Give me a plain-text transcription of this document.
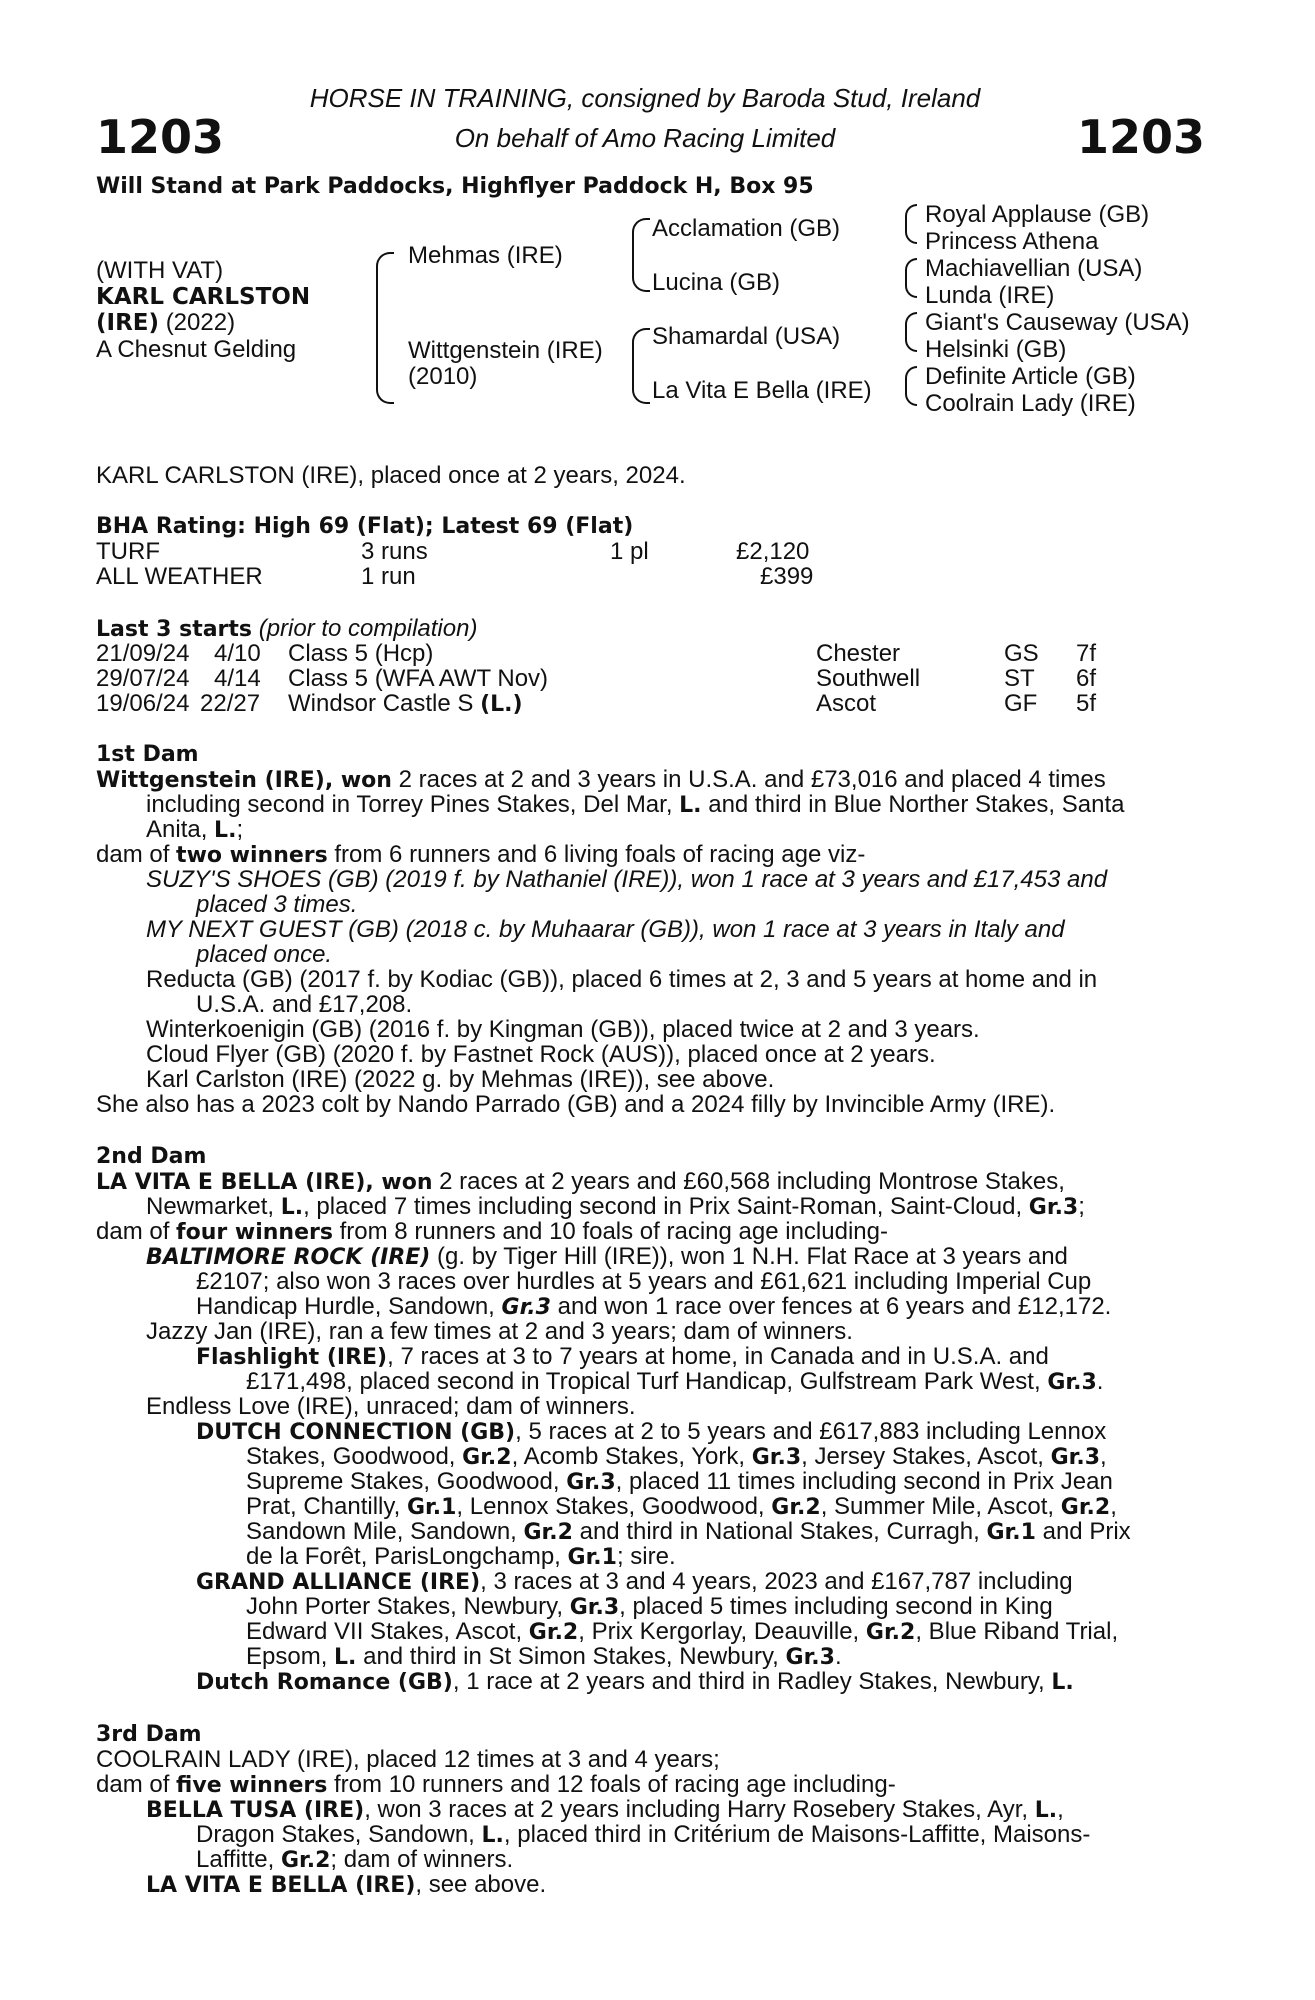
1203	1203
HORSE IN TRAINING, consigned by Baroda Stud, Ireland
On behalf of Amo Racing Limited
Will Stand at Park Paddocks, Highflyer Paddock H, Box 95
(WITH VAT)
KARL CARLSTON
(IRE) (2022)
A Chesnut Gelding
Mehmas (IRE)
Wittgenstein (IRE)
(2010)
Acclamation (GB)
Lucina (GB)
Shamardal (USA)
La Vita E Bella (IRE)
Royal Applause (GB)
Princess Athena
Machiavellian (USA)
Lunda (IRE)
Giant's Causeway (USA)
Helsinki (GB)
Definite Article (GB)
Coolrain Lady (IRE)
KARL CARLSTON (IRE), placed once at 2 years, 2024.
BHA Rating: High 69 (Flat); Latest 69 (Flat)
TURF	3 runs	1 pl	£2,120
ALL WEATHER	1 run	£399
Last 3 starts (prior to compilation)
21/09/24 4/10 Class 5 (Hcp)	Chester	GS 7f
29/07/24 4/14 Class 5 (WFA AWT Nov)	Southwell	ST 6f
19/06/24 22/27 Windsor Castle S (L.)	Ascot	GF 5f
1st Dam
Wittgenstein (IRE), won 2 races at 2 and 3 years in U.S.A. and £73,016 and placed 4 times
including second in Torrey Pines Stakes, Del Mar, L. and third in Blue Norther Stakes, Santa
Anita, L.;
dam of two winners from 6 runners and 6 living foals of racing age viz-
SUZY'S SHOES (GB) (2019 f. by Nathaniel (IRE)), won 1 race at 3 years and £17,453 and
placed 3 times.
MY NEXT GUEST (GB) (2018 c. by Muhaarar (GB)), won 1 race at 3 years in Italy and
placed once.
Reducta (GB) (2017 f. by Kodiac (GB)), placed 6 times at 2, 3 and 5 years at home and in
U.S.A. and £17,208.
Winterkoenigin (GB) (2016 f. by Kingman (GB)), placed twice at 2 and 3 years.
Cloud Flyer (GB) (2020 f. by Fastnet Rock (AUS)), placed once at 2 years.
Karl Carlston (IRE) (2022 g. by Mehmas (IRE)), see above.
She also has a 2023 colt by Nando Parrado (GB) and a 2024 filly by Invincible Army (IRE).
2nd Dam
LA VITA E BELLA (IRE), won 2 races at 2 years and £60,568 including Montrose Stakes,
Newmarket, L., placed 7 times including second in Prix Saint-Roman, Saint-Cloud, Gr.3;
dam of four winners from 8 runners and 10 foals of racing age including-
BALTIMORE ROCK (IRE) (g. by Tiger Hill (IRE)), won 1 N.H. Flat Race at 3 years and
£2107; also won 3 races over hurdles at 5 years and £61,621 including Imperial Cup
Handicap Hurdle, Sandown, Gr.3 and won 1 race over fences at 6 years and £12,172.
Jazzy Jan (IRE), ran a few times at 2 and 3 years; dam of winners.
Flashlight (IRE), 7 races at 3 to 7 years at home, in Canada and in U.S.A. and
£171,498, placed second in Tropical Turf Handicap, Gulfstream Park West, Gr.3.
Endless Love (IRE), unraced; dam of winners.
DUTCH CONNECTION (GB), 5 races at 2 to 5 years and £617,883 including Lennox
Stakes, Goodwood, Gr.2, Acomb Stakes, York, Gr.3, Jersey Stakes, Ascot, Gr.3,
Supreme Stakes, Goodwood, Gr.3, placed 11 times including second in Prix Jean
Prat, Chantilly, Gr.1, Lennox Stakes, Goodwood, Gr.2, Summer Mile, Ascot, Gr.2,
Sandown Mile, Sandown, Gr.2 and third in National Stakes, Curragh, Gr.1 and Prix
de la Forêt, ParisLongchamp, Gr.1; sire.
GRAND ALLIANCE (IRE), 3 races at 3 and 4 years, 2023 and £167,787 including
John Porter Stakes, Newbury, Gr.3, placed 5 times including second in King
Edward VII Stakes, Ascot, Gr.2, Prix Kergorlay, Deauville, Gr.2, Blue Riband Trial,
Epsom, L. and third in St Simon Stakes, Newbury, Gr.3.
Dutch Romance (GB), 1 race at 2 years and third in Radley Stakes, Newbury, L.
3rd Dam
COOLRAIN LADY (IRE), placed 12 times at 3 and 4 years;
dam of five winners from 10 runners and 12 foals of racing age including-
BELLA TUSA (IRE), won 3 races at 2 years including Harry Rosebery Stakes, Ayr, L.,
Dragon Stakes, Sandown, L., placed third in Critérium de Maisons-Laffitte, Maisons-
Laffitte, Gr.2; dam of winners.
LA VITA E BELLA (IRE), see above.
